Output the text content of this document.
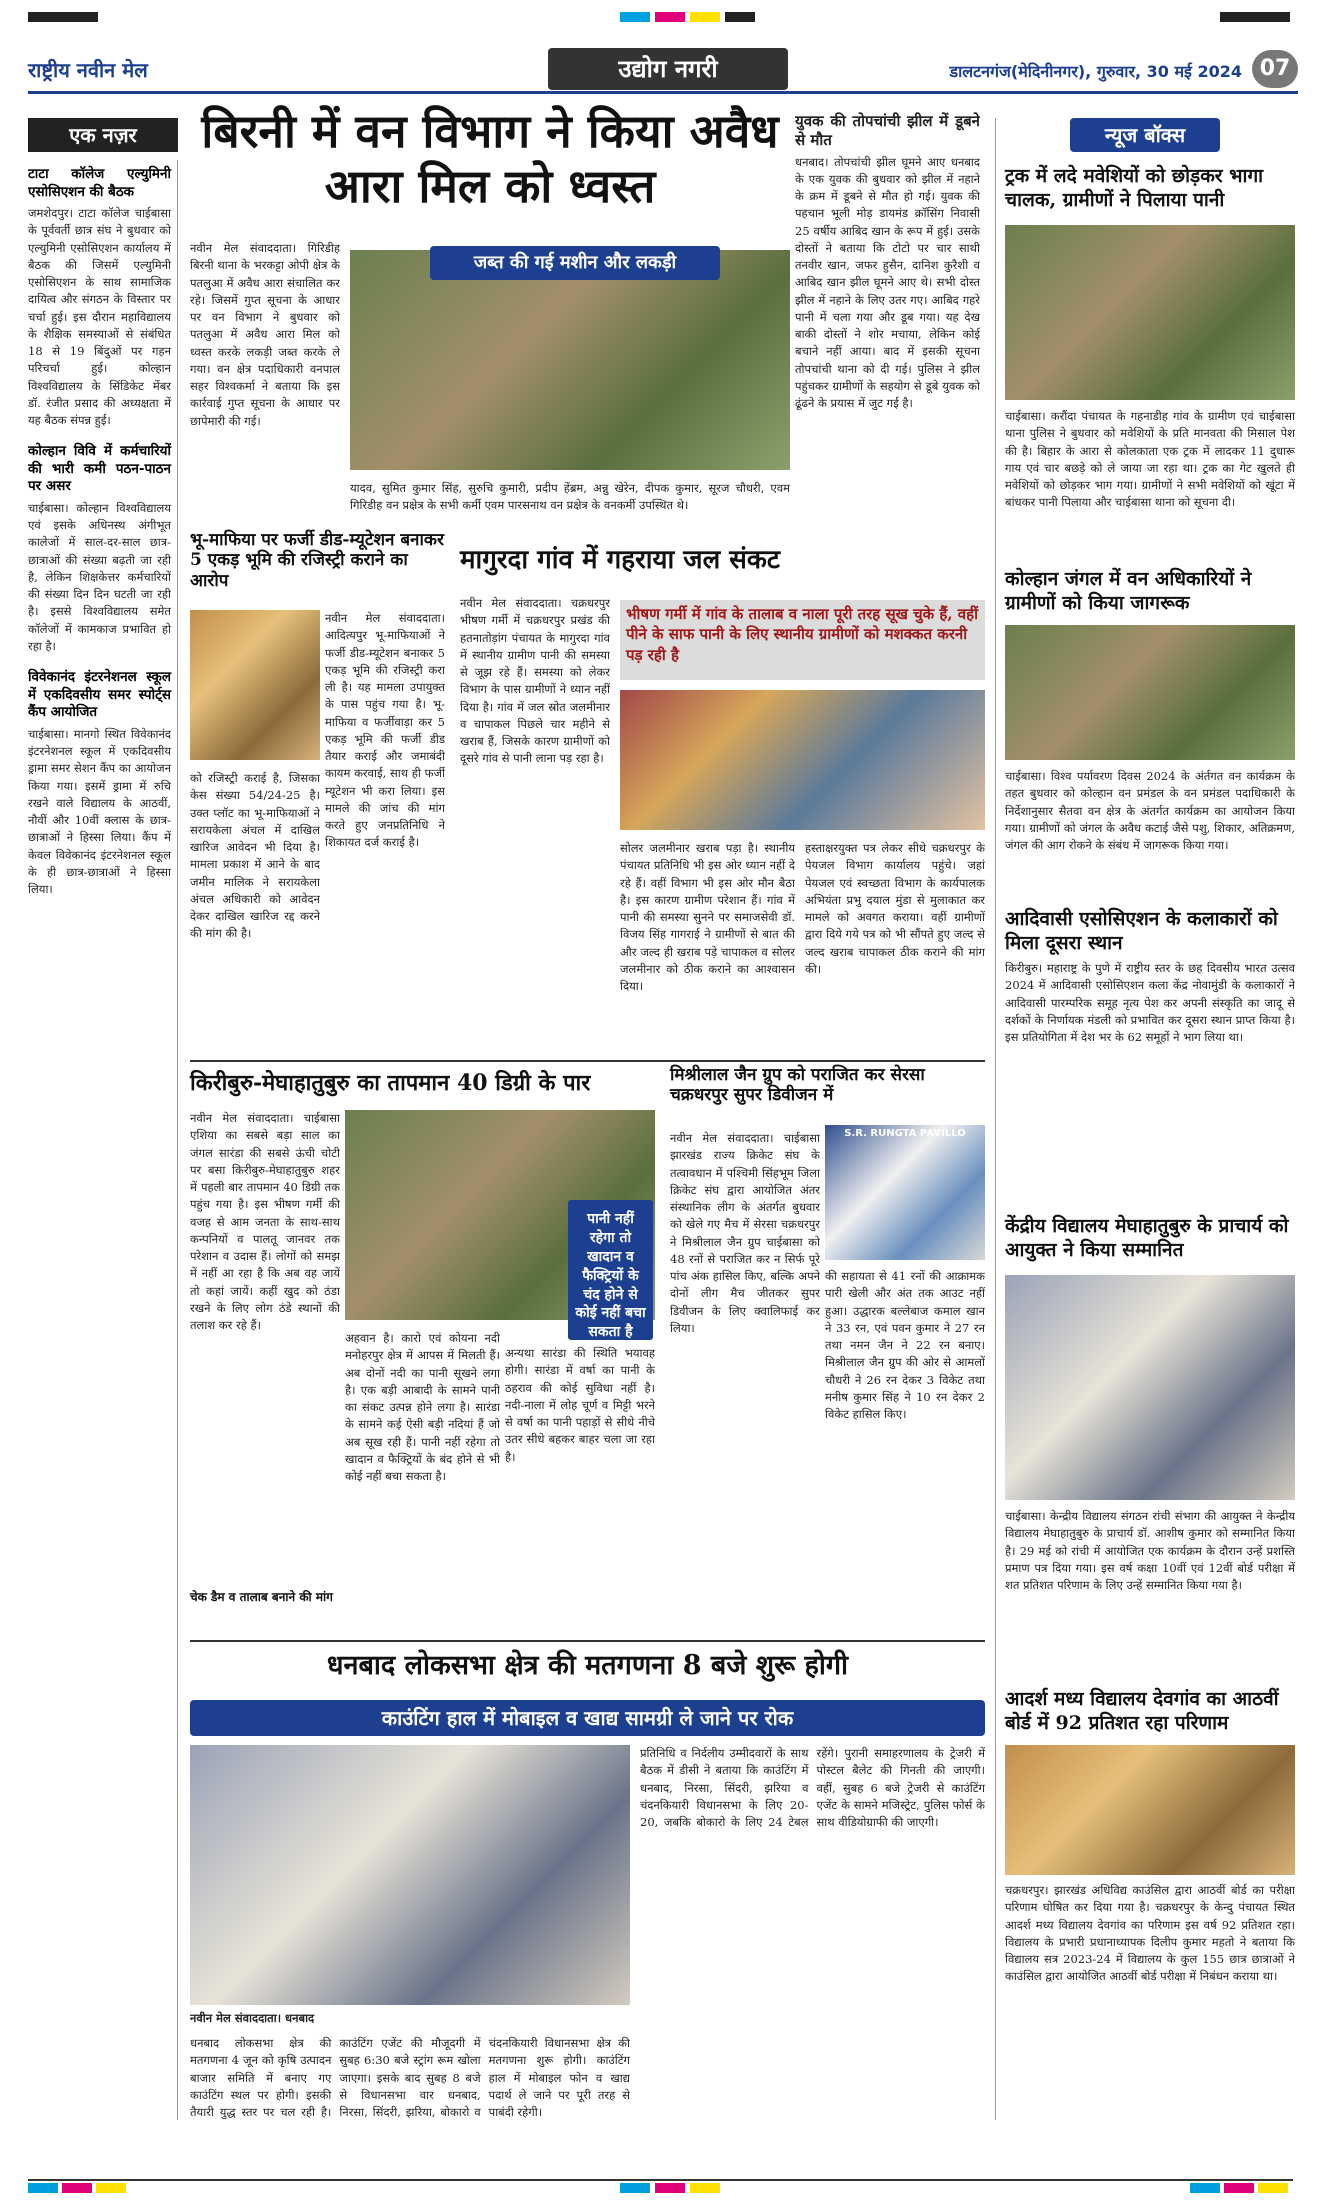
राष्ट्रीय नवीन मेल	उद्योग नगरी	डालटनगंज(मेदिनीनगर), गुरुवार, 30 मई 2024 07
एक नज़र
टाटा कॉलेज एल्युमिनी एसोसिएशन की बैठक

जमशेदपुर। टाटा कॉलेज चाईबासा के पूर्ववर्ती छात्र संघ ने बुधवार को एल्युमिनी एसोसिएशन कार्यालय में बैठक की जिसमें एल्युमिनी एसोसिएशन के साथ सामाजिक दायित्व और संगठन के विस्तार पर चर्चा हुई। इस दौरान महाविद्यालय के शैक्षिक समस्याओं से संबंधित 18 से 19 बिंदुओं पर गहन परिचर्चा हुई। कोल्हान विश्वविद्यालय के सिंडिकेट मेंबर डॉ. रंजीत प्रसाद की अध्यक्षता में यह बैठक संपन्न हुई।

कोल्हान विवि में कर्मचारियों की भारी कमी पठन-पाठन पर असर

चाईबासा। कोल्हान विश्वविद्यालय एवं इसके अधिनस्थ अंगीभूत कालेजों में साल-दर-साल छात्र-छात्राओं की संख्या बढ़ती जा रही है, लेकिन शिक्षकेत्तर कर्मचारियों की संख्या दिन दिन घटती जा रही है। इससे विश्वविद्यालय समेत कॉलेजों में कामकाज प्रभावित हो रहा है।

विवेकानंद इंटरनेशनल स्कूल में एकदिवसीय समर स्पोर्ट्स कैंप आयोजित

चाईबासा। मानगो स्थित विवेकानंद इंटरनेशनल स्कूल में एकदिवसीय ड्रामा समर सेशन कैंप का आयोजन किया गया। इसमें ड्रामा में रुचि रखने वाले विद्यालय के आठवीं, नौवीं और 10वीं क्लास के छात्र-छात्राओं ने हिस्सा लिया। कैंप में केवल विवेकानंद इंटरनेशनल स्कूल के ही छात्र-छात्राओं ने हिस्सा लिया।

बिरनी में वन विभाग ने किया अवैध आरा मिल को ध्वस्त
नवीन मेल संवाददाता। गिरिडीह बिरनी थाना के भरकट्टा ओपी क्षेत्र के पतलुआ में अवैध आरा संचालित कर रहे। जिसमें गुप्त सूचना के आधार पर वन विभाग ने बुधवार को पतलुआ में अवैध आरा मिल को ध्वस्त करके लकड़ी जब्त करके ले गया। वन क्षेत्र पदाधिकारी वनपाल सहर विश्वकर्मा ने बताया कि इस कार्रवाई गुप्त सूचना के आधार पर छापेमारी की गई।
जब्त की गई मशीन और लकड़ी
यादव, सुमित कुमार सिंह, सुरुचि कुमारी, प्रदीप हेंब्रम, अन्नु खेरेन, दीपक कुमार, सूरज चौधरी, एवम गिरिडीह वन प्रक्षेत्र के सभी कर्मी एवम पारसनाथ वन प्रक्षेत्र के वनकर्मी उपस्थित थे।
युवक की तोपचांची झील में डूबने से मौत

धनबाद। तोपचांची झील घूमने आए धनबाद के एक युवक की बुधवार को झील में नहाने के क्रम में डूबने से मौत हो गई। युवक की पहचान भूली मोड़ डायमंड क्रॉसिंग निवासी 25 वर्षीय आबिद खान के रूप में हुई। उसके दोस्तों ने बताया कि टोटो पर चार साथी तनवीर खान, जफर हुसैन, दानिश कुरैशी व आबिद खान झील घूमने आए थे। सभी दोस्त झील में नहाने के लिए उतर गए। आबिद गहरे पानी में चला गया और डूब गया। यह देख बाकी दोस्तों ने शोर मचाया, लेकिन कोई बचाने नहीं आया। बाद में इसकी सूचना तोपचांची थाना को दी गई। पुलिस ने झील पहुंचकर ग्रामीणों के सहयोग से डूबे युवक को ढूंढने के प्रयास में जुट गई है।

भू-माफिया पर फर्जी डीड-म्यूटेशन बनाकर 5 एकड़ भूमि की रजिस्ट्री कराने का आरोप
नवीन मेल संवाददाता। आदित्यपुर भू-माफियाओं ने फर्जी डीड-म्यूटेशन बनाकर 5 एकड़ भूमि की रजिस्ट्री करा ली है। यह मामला उपायुक्त के पास पहुंच गया है। भू-माफिया व फर्जीवाड़ा कर 5 एकड़ भूमि की फर्जी डीड तैयार कराई और जमाबंदी कायम करवाई, साथ ही फर्जी म्यूटेशन भी करा लिया। इस मामले की जांच की मांग करते हुए जनप्रतिनिधि ने शिकायत दर्ज कराई है।
को रजिस्ट्री कराई है, जिसका केस संख्या 54/24-25 है। उक्त प्लॉट का भू-माफियाओं ने सरायकेला अंचल में दाखिल खारिज आवेदन भी दिया है। मामला प्रकाश में आने के बाद जमीन मालिक ने सरायकेला अंचल अधिकारी को आवेदन देकर दाखिल खारिज रद्द करने की मांग की है।
मागुरदा गांव में गहराया जल संकट
नवीन मेल संवाददाता। चक्रधरपुर भीषण गर्मी में चक्रधरपुर प्रखंड की हतनातोड़ांग पंचायत के मागुरदा गांव में स्थानीय ग्रामीण पानी की समस्या से जूझ रहे हैं। समस्या को लेकर विभाग के पास ग्रामीणों ने ध्यान नहीं दिया है। गांव में जल स्रोत जलमीनार व चापाकल पिछले चार महीने से खराब हैं, जिसके कारण ग्रामीणों को दूसरे गांव से पानी लाना पड़ रहा है।
भीषण गर्मी में गांव के तालाब व नाला पूरी तरह सूख चुके हैं, वहीं पीने के साफ पानी के लिए स्थानीय ग्रामीणों को मशक्कत करनी पड़ रही है
सोलर जलमीनार खराब पड़ा है। स्थानीय पंचायत प्रतिनिधि भी इस ओर ध्यान नहीं दे रहे हैं। वहीं विभाग भी इस ओर मौन बैठा है। इस कारण ग्रामीण परेशान हैं। गांव में पानी की समस्या सुनने पर समाजसेवी डॉ. विजय सिंह गागराई ने ग्रामीणों से बात की और जल्द ही खराब पड़े चापाकल व सोलर जलमीनार को ठीक कराने का आश्वासन दिया।
हस्ताक्षरयुक्त पत्र लेकर सीधे चक्रधरपुर के पेयजल विभाग कार्यालय पहुंचे। जहां पेयजल एवं स्वच्छता विभाग के कार्यपालक अभियंता प्रभु दयाल मुंडा से मुलाकात कर मामले को अवगत कराया। वहीं ग्रामीणों द्वारा दिये गये पत्र को भी सौंपते हुए जल्द से जल्द खराब चापाकल ठीक कराने की मांग की।
किरीबुरु-मेघाहातुबुरु का तापमान 40 डिग्री के पार
नवीन मेल संवाददाता। चाईबासा एशिया का सबसे बड़ा साल का जंगल सारंडा की सबसे ऊंची चोटी पर बसा किरीबुरु-मेघाहातुबुरु शहर में पहली बार तापमान 40 डिग्री तक पहुंच गया है। इस भीषण गर्मी की वजह से आम जनता के साथ-साथ कन्पनियों व पालतू जानवर तक परेशान व उदास हैं। लोगों को समझ में नहीं आ रहा है कि अब वह जायें तो कहां जायें। कहीं खुद को ठंडा रखने के लिए लोग ठंडे स्थानों की तलाश कर रहे हैं।
पानी नहीं रहेगा तो खादान व फैक्ट्रियों के चंद होने से कोई नहीं बचा सकता है
चेक डैम व तालाब बनाने की मांग
अहवान है। कारो एवं कोयना नदी मनोहरपुर क्षेत्र में आपस में मिलती हैं। अब दोनों नदी का पानी सूखने लगा है। एक बड़ी आबादी के सामने पानी का संकट उत्पन्न होने लगा है। सारंडा के सामने कई ऐसी बड़ी नदियां हैं जो अब सूख रही हैं। पानी नहीं रहेगा तो खादान व फैक्ट्रियों के बंद होने से भी कोई नहीं बचा सकता है।
अन्यथा सारंडा की स्थिति भयावह होगी। सारंडा में वर्षा का पानी के ठहराव की कोई सुविधा नहीं है। नदी-नाला में लोह चूर्ण व मिट्टी भरने से वर्षा का पानी पहाड़ों से सीधे नीचे उतर सीधे बहकर बाहर चला जा रहा है।
मिश्रीलाल जैन ग्रुप को पराजित कर सेरसा चक्रधरपुर सुपर डिवीजन में
नवीन मेल संवाददाता। चाईबासा झारखंड राज्य क्रिकेट संघ के तत्वावधान में पश्चिमी सिंहभूम जिला क्रिकेट संघ द्वारा आयोजित अंतर संस्थानिक लीग के अंतर्गत बुधवार को खेले गए मैच में सेरसा चक्रधरपुर ने मिश्रीलाल जैन ग्रुप चाईबासा को 48 रनों से पराजित कर न सिर्फ पूरे पांच अंक हासिल किए, बल्कि अपने दोनों लीग मैच जीतकर सुपर डिवीजन के लिए क्वालिफाई कर लिया।
S.R. RUNGTA PAVILLO
की सहायता से 41 रनों की आक्रामक पारी खेली और अंत तक आउट नहीं हुआ। उद्धारक बल्लेबाज कमाल खान ने 33 रन, एवं पवन कुमार ने 27 रन तथा नमन जैन ने 22 रन बनाए। मिश्रीलाल जैन ग्रुप की ओर से आमलों चौधरी ने 26 रन देकर 3 विकेट तथा मनीष कुमार सिंह ने 10 रन देकर 2 विकेट हासिल किए।
धनबाद लोकसभा क्षेत्र की मतगणना 8 बजे शुरू होगी
काउंटिंग हाल में मोबाइल व खाद्य सामग्री ले जाने पर रोक
नवीन मेल संवाददाता। धनबाद
धनबाद लोकसभा क्षेत्र की मतगणना 4 जून को कृषि उत्पादन बाजार समिति में बनाए गए काउंटिंग स्थल पर होगी। इसकी तैयारी युद्ध स्तर पर चल रही है। काउंटिंग एजेंट की मौजूदगी में सुबह 6:30 बजे स्ट्रांग रूम खोला जाएगा। इसके बाद सुबह 8 बजे से विधानसभा वार धनबाद, निरसा, सिंदरी, झरिया, बोकारो व चंदनकियारी विधानसभा क्षेत्र की मतगणना शुरू होगी। काउंटिंग हाल में मोबाइल फोन व खाद्य पदार्थ ले जाने पर पूरी तरह से पाबंदी रहेगी।
प्रतिनिधि व निर्दलीय उम्मीदवारों के साथ बैठक में डीसी ने बताया कि काउंटिंग में धनबाद, निरसा, सिंदरी, झरिया व चंदनकियारी विधानसभा के लिए 20-20, जबकि बोकारो के लिए 24 टेबल रहेंगे। पुरानी समाहरणालय के ट्रेजरी में पोस्टल बैलेट की गिनती की जाएगी। वहीं, सुबह 6 बजे ट्रेजरी से काउंटिंग एजेंट के सामने मजिस्ट्रेट, पुलिस फोर्स के साथ वीडियोग्राफी की जाएगी।
न्यूज बॉक्स
ट्रक में लदे मवेशियों को छोड़कर भागा चालक, ग्रामीणों ने पिलाया पानी
चाईबासा। करौंदा पंचायत के गहनाडीह गांव के ग्रामीण एवं चाईबासा थाना पुलिस ने बुधवार को मवेशियों के प्रति मानवता की मिसाल पेश की है। बिहार के आरा से कोलकाता एक ट्रक में लादकर 11 दुधारू गाय एवं चार बछड़े को ले जाया जा रहा था। ट्रक का गेट खुलते ही मवेशियों को छोड़कर भाग गया। ग्रामीणों ने सभी मवेशियों को खूंटा में बांधकर पानी पिलाया और चाईबासा थाना को सूचना दी।
कोल्हान जंगल में वन अधिकारियों ने ग्रामीणों को किया जागरूक
चाईबासा। विश्व पर्यावरण दिवस 2024 के अंर्तगत वन कार्यक्रम के तहत बुधवार को कोल्हान वन प्रमंडल के वन प्रमंडल पदाधिकारी के निर्देशानुसार सैतवा वन क्षेत्र के अंतर्गत कार्यक्रम का आयोजन किया गया। ग्रामीणों को जंगल के अवैध कटाई जैसे पशु, शिकार, अतिक्रमण, जंगल की आग रोकने के संबंध में जागरूक किया गया।
आदिवासी एसोसिएशन के कलाकारों को मिला दूसरा स्थान
किरीबुरु। महाराष्ट्र के पुणे में राष्ट्रीय स्तर के छह दिवसीय भारत उत्सव 2024 में आदिवासी एसोसिएशन कला केंद्र नोवामुंडी के कलाकारों ने आदिवासी पारम्परिक समूह नृत्य पेश कर अपनी संस्कृति का जादू से दर्शकों के निर्णायक मंडली को प्रभावित कर दूसरा स्थान प्राप्त किया है। इस प्रतियोगिता में देश भर के 62 समूहों ने भाग लिया था।
केंद्रीय विद्यालय मेघाहातुबुरु के प्राचार्य को आयुक्त ने किया सम्मानित
चाईबासा। केन्द्रीय विद्यालय संगठन रांची संभाग की आयुक्त ने केन्द्रीय विद्यालय मेघाहातुबुरु के प्राचार्य डॉ. आशीष कुमार को सम्मानित किया है। 29 मई को रांची में आयोजित एक कार्यक्रम के दौरान उन्हें प्रशस्ति प्रमाण पत्र दिया गया। इस वर्ष कक्षा 10वीं एवं 12वीं बोर्ड परीक्षा में शत प्रतिशत परिणाम के लिए उन्हें सम्मानित किया गया है।
आदर्श मध्य विद्यालय देवगांव का आठवीं बोर्ड में 92 प्रतिशत रहा परिणाम
चक्रधरपुर। झारखंड अधिविद्य काउंसिल द्वारा आठवीं बोर्ड का परीक्षा परिणाम घोषित कर दिया गया है। चक्रधरपुर के केन्दु पंचायत स्थित आदर्श मध्य विद्यालय देवगांव का परिणाम इस वर्ष 92 प्रतिशत रहा। विद्यालय के प्रभारी प्रधानाध्यापक दिलीप कुमार महतो ने बताया कि विद्यालय सत्र 2023-24 में विद्यालय के कुल 155 छात्र छात्राओं ने काउंसिल द्वारा आयोजित आठवीं बोर्ड परीक्षा में निबंधन कराया था।
